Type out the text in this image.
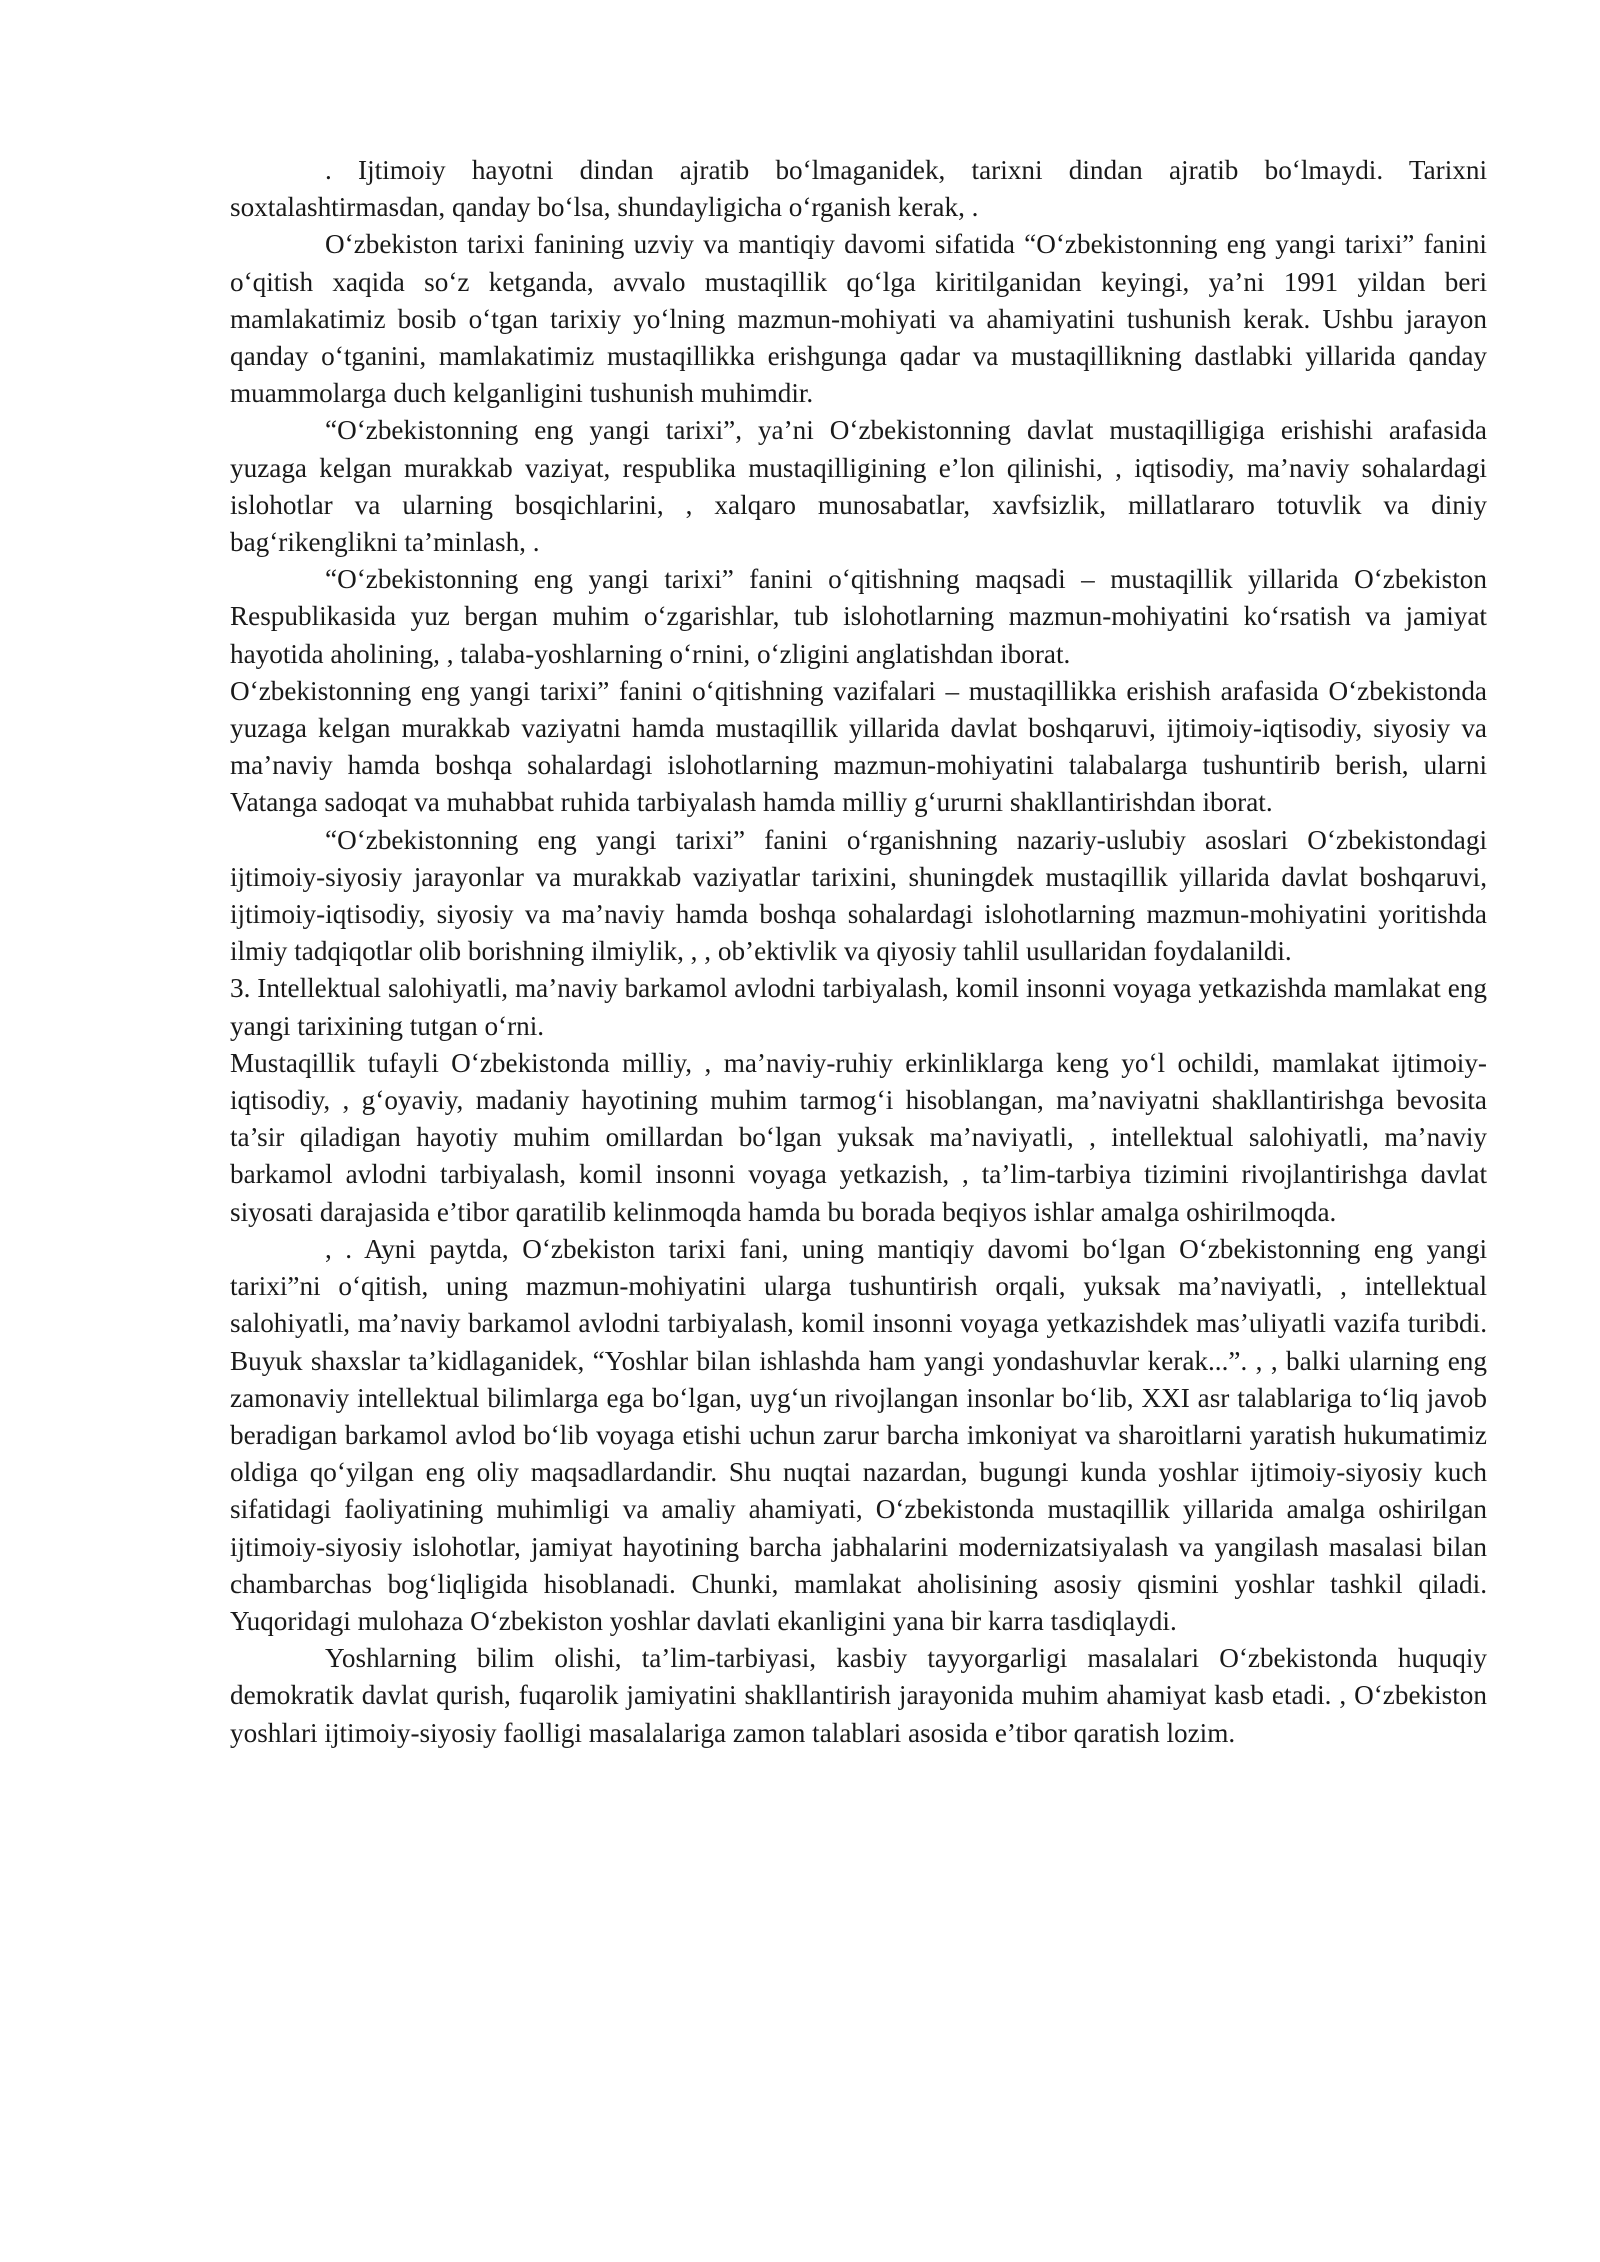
. Ijtimoiy hayotni dindan ajratib bo‘lmaganidek, tarixni dindan ajratib bo‘lmaydi. Tarixni soxtalashtirmasdan, qanday bo‘lsa, shundayligicha o‘rganish kerak, .

O‘zbekiston tarixi fanining uzviy va mantiqiy davomi sifatida “O‘zbekistonning eng yangi tarixi” fanini o‘qitish xaqida so‘z ketganda, avvalo mustaqillik qo‘lga kiritilganidan keyingi, ya’ni 1991 yildan beri mamlakatimiz bosib o‘tgan tarixiy yo‘lning mazmun-mohiyati va ahamiyatini tushunish kerak. Ushbu jarayon qanday o‘tganini, mamlakatimiz mustaqillikka erishgunga qadar va mustaqillikning dastlabki yillarida qanday muammolarga duch kelganligini tushunish muhimdir.

“O‘zbekistonning eng yangi tarixi”, ya’ni O‘zbekistonning davlat mustaqilligiga erishishi arafasida yuzaga kelgan murakkab vaziyat, respublika mustaqilligining e’lon qilinishi, , iqtisodiy, ma’naviy sohalardagi islohotlar va ularning bosqichlarini, , xalqaro munosabatlar, xavfsizlik, millatlararo totuvlik va diniy bag‘rikenglikni ta’minlash, .

“O‘zbekistonning eng yangi tarixi” fanini o‘qitishning maqsadi – mustaqillik yillarida O‘zbekiston Respublikasida yuz bergan muhim o‘zgarishlar, tub islohotlarning mazmun-mohiyatini ko‘rsatish va jamiyat hayotida aholining, , talaba-yoshlarning o‘rnini, o‘zligini anglatishdan iborat.

O‘zbekistonning eng yangi tarixi” fanini o‘qitishning vazifalari – mustaqillikka erishish arafasida O‘zbekistonda yuzaga kelgan murakkab vaziyatni hamda mustaqillik yillarida davlat boshqaruvi, ijtimoiy-iqtisodiy, siyosiy va ma’naviy hamda boshqa sohalardagi islohotlarning mazmun-mohiyatini talabalarga tushuntirib berish, ularni Vatanga sadoqat va muhabbat ruhida tarbiyalash hamda milliy g‘ururni shakllantirishdan iborat.

“O‘zbekistonning eng yangi tarixi” fanini o‘rganishning nazariy-uslubiy asoslari O‘zbekistondagi ijtimoiy-siyosiy jarayonlar va murakkab vaziyatlar tarixini, shuningdek mustaqillik yillarida davlat boshqaruvi, ijtimoiy-iqtisodiy, siyosiy va ma’naviy hamda boshqa sohalardagi islohotlarning mazmun-mohiyatini yoritishda ilmiy tadqiqotlar olib borishning ilmiylik, , , ob’ektivlik va qiyosiy tahlil usullaridan foydalanildi.

3. Intellektual salohiyatli, ma’naviy barkamol avlodni tarbiyalash, komil insonni voyaga yetkazishda mamlakat eng yangi tarixining tutgan o‘rni.

Mustaqillik tufayli O‘zbekistonda milliy, , ma’naviy-ruhiy erkinliklarga keng yo‘l ochildi, mamlakat ijtimoiy-iqtisodiy, , g‘oyaviy, madaniy hayotining muhim tarmog‘i hisoblangan, ma’naviyatni shakllantirishga bevosita ta’sir qiladigan hayotiy muhim omillardan bo‘lgan yuksak ma’naviyatli, , intellektual salohiyatli, ma’naviy barkamol avlodni tarbiyalash, komil insonni voyaga yetkazish, , ta’lim-tarbiya tizimini rivojlantirishga davlat siyosati darajasida e’tibor qaratilib kelinmoqda hamda bu borada beqiyos ishlar amalga oshirilmoqda.

, . Ayni paytda, O‘zbekiston tarixi fani, uning mantiqiy davomi bo‘lgan O‘zbekistonning eng yangi tarixi”ni o‘qitish, uning mazmun-mohiyatini ularga tushuntirish orqali, yuksak ma’naviyatli, , intellektual salohiyatli, ma’naviy barkamol avlodni tarbiyalash, komil insonni voyaga yetkazishdek mas’uliyatli vazifa turibdi. Buyuk shaxslar ta’kidlaganidek, “Yoshlar bilan ishlashda ham yangi yondashuvlar kerak...”. , , balki ularning eng zamonaviy intellektual bilimlarga ega bo‘lgan, uyg‘un rivojlangan insonlar bo‘lib, XXI asr talablariga to‘liq javob beradigan barkamol avlod bo‘lib voyaga etishi uchun zarur barcha imkoniyat va sharoitlarni yaratish hukumatimiz oldiga qo‘yilgan eng oliy maqsadlardandir. Shu nuqtai nazardan, bugungi kunda yoshlar ijtimoiy-siyosiy kuch sifatidagi faoliyatining muhimligi va amaliy ahamiyati, O‘zbekistonda mustaqillik yillarida amalga oshirilgan ijtimoiy-siyosiy islohotlar, jamiyat hayotining barcha jabhalarini modernizatsiyalash va yangilash masalasi bilan chambarchas bog‘liqligida hisoblanadi. Chunki, mamlakat aholisining asosiy qismini yoshlar tashkil qiladi. Yuqoridagi mulohaza O‘zbekiston yoshlar davlati ekanligini yana bir karra tasdiqlaydi.

Yoshlarning bilim olishi, ta’lim-tarbiyasi, kasbiy tayyorgarligi masalalari O‘zbekistonda huquqiy demokratik davlat qurish, fuqarolik jamiyatini shakllantirish jarayonida muhim ahamiyat kasb etadi. , O‘zbekiston yoshlari ijtimoiy-siyosiy faolligi masalalariga zamon talablari asosida e’tibor qaratish lozim.
